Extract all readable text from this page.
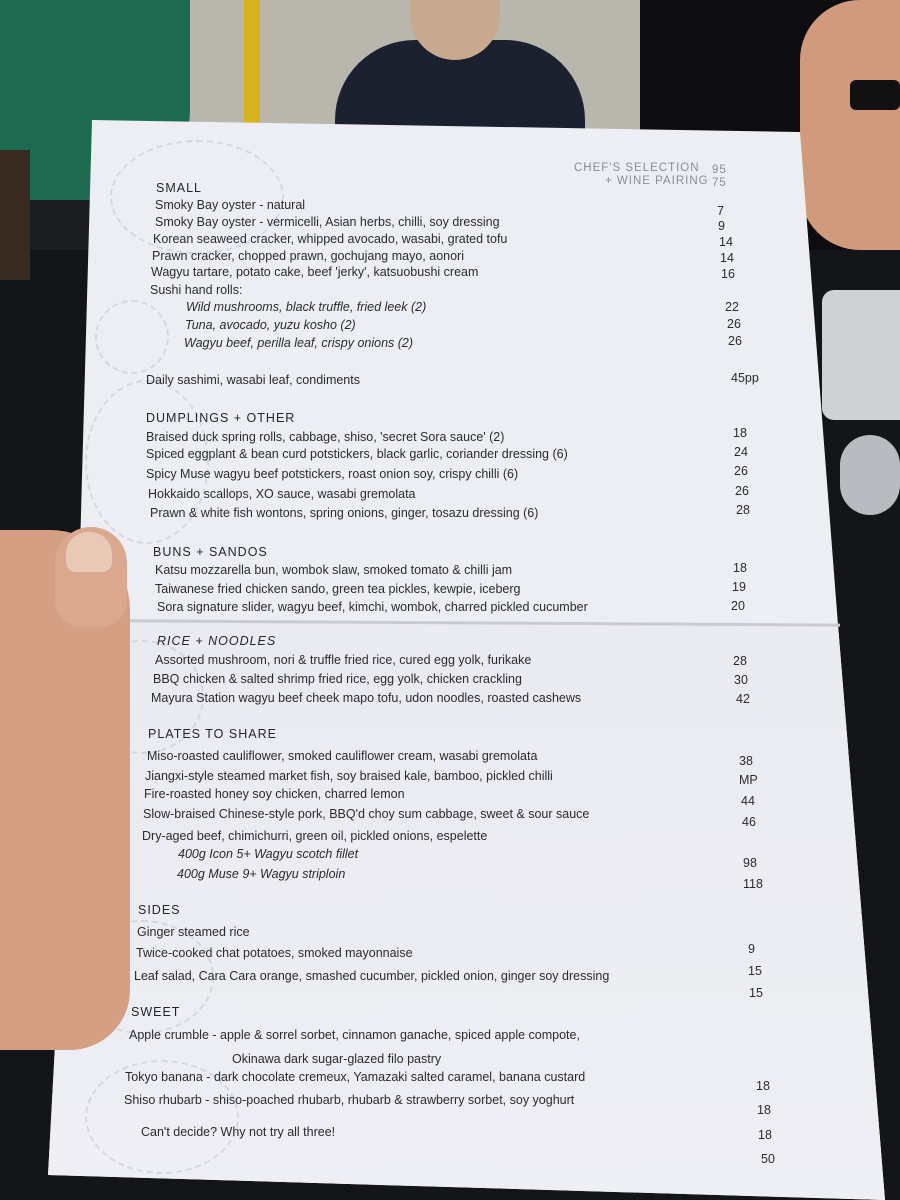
CHEF'S SELECTION 95
+ WINE PAIRING 75
SMALL
Smoky Bay oyster - natural
Smoky Bay oyster - vermicelli, Asian herbs, chilli, soy dressing
Korean seaweed cracker, whipped avocado, wasabi, grated tofu
Prawn cracker, chopped prawn, gochujang mayo, aonori
Wagyu tartare, potato cake, beef 'jerky', katsuobushi cream
Sushi hand rolls:
Wild mushrooms, black truffle, fried leek (2)
Tuna, avocado, yuzu kosho (2)
Wagyu beef, perilla leaf, crispy onions (2)
Daily sashimi, wasabi leaf, condiments
7
9
14
14
16
22
26
26
45pp
DUMPLINGS + OTHER
Braised duck spring rolls, cabbage, shiso, 'secret Sora sauce' (2)
Spiced eggplant & bean curd potstickers, black garlic, coriander dressing (6)
Spicy Muse wagyu beef potstickers, roast onion soy, crispy chilli (6)
Hokkaido scallops, XO sauce, wasabi gremolata
Prawn & white fish wontons, spring onions, ginger, tosazu dressing (6)
18
24
26
26
28
BUNS + SANDOS
Katsu mozzarella bun, wombok slaw, smoked tomato & chilli jam
Taiwanese fried chicken sando, green tea pickles, kewpie, iceberg
Sora signature slider, wagyu beef, kimchi, wombok, charred pickled cucumber
18
19
20
RICE + NOODLES
Assorted mushroom, nori & truffle fried rice, cured egg yolk, furikake
BBQ chicken & salted shrimp fried rice, egg yolk, chicken crackling
Mayura Station wagyu beef cheek mapo tofu, udon noodles, roasted cashews
28
30
42
PLATES TO SHARE
Miso-roasted cauliflower, smoked cauliflower cream, wasabi gremolata
Jiangxi-style steamed market fish, soy braised kale, bamboo, pickled chilli
Fire-roasted honey soy chicken, charred lemon
Slow-braised Chinese-style pork, BBQ'd choy sum cabbage, sweet & sour sauce
Dry-aged beef, chimichurri, green oil, pickled onions, espelette
400g Icon 5+ Wagyu scotch fillet
400g Muse 9+ Wagyu striploin
38
MP
44
46
98
118
SIDES
Ginger steamed rice
Twice-cooked chat potatoes, smoked mayonnaise
Leaf salad, Cara Cara orange, smashed cucumber, pickled onion, ginger soy dressing
9
15
15
SWEET
Apple crumble - apple & sorrel sorbet, cinnamon ganache, spiced apple compote,
Okinawa dark sugar-glazed filo pastry
Tokyo banana - dark chocolate cremeux, Yamazaki salted caramel, banana custard
Shiso rhubarb - shiso-poached rhubarb, rhubarb & strawberry sorbet, soy yoghurt
Can't decide? Why not try all three!
18
18
18
50
